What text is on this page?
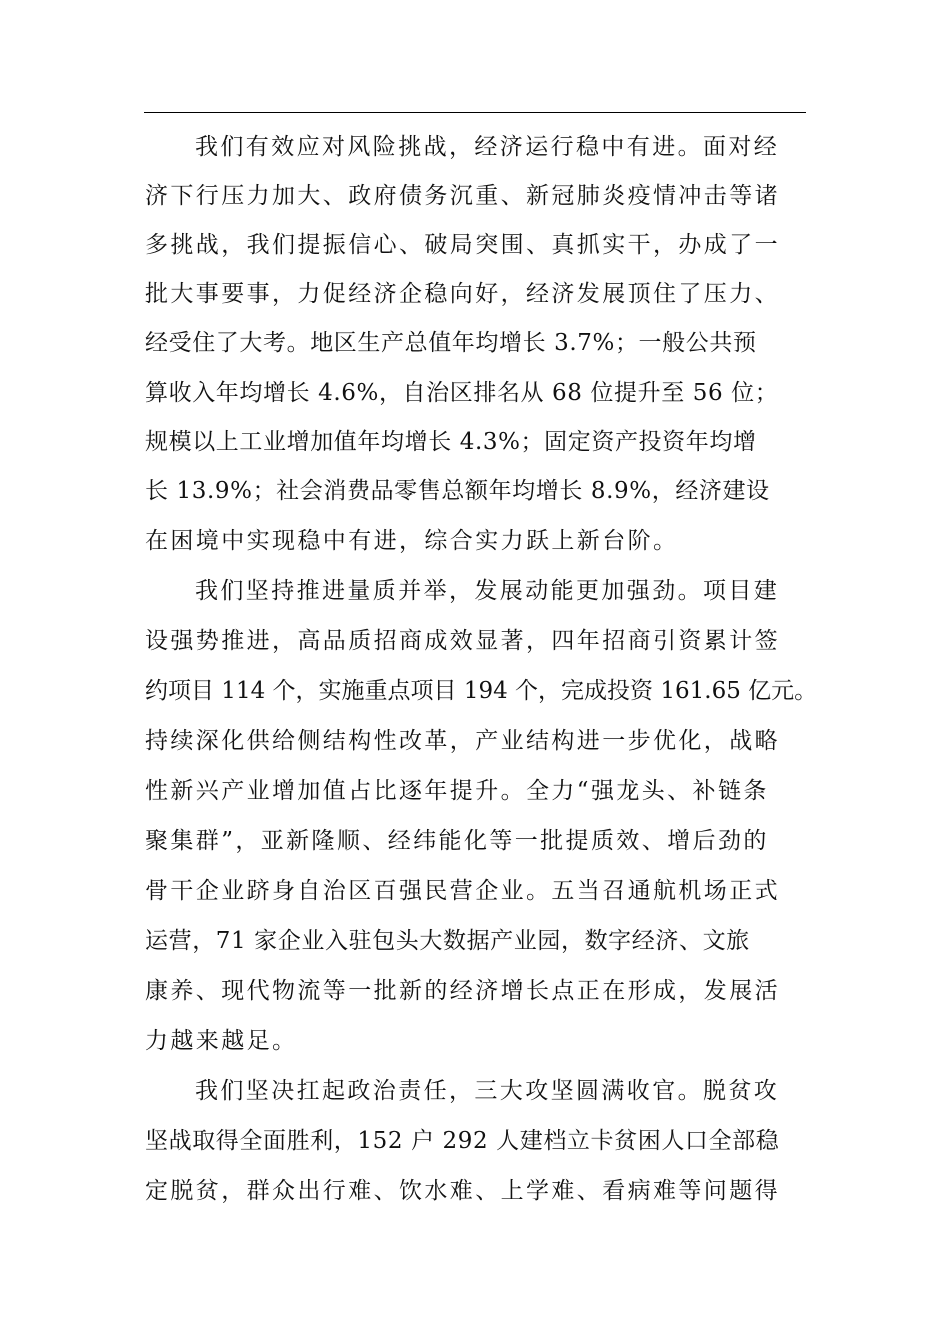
我们有效应对风险挑战，经济运行稳中有进。面对经
济下行压力加大、政府债务沉重、新冠肺炎疫情冲击等诸
多挑战，我们提振信心、破局突围、真抓实干，办成了一
批大事要事，力促经济企稳向好，经济发展顶住了压力、
经受住了大考。地区生产总值年均增长 3.7%；一般公共预
算收入年均增长 4.6%，自治区排名从 68 位提升至 56 位；
规模以上工业增加值年均增长 4.3%；固定资产投资年均增
长 13.9%；社会消费品零售总额年均增长 8.9%，经济建设
在困境中实现稳中有进，综合实力跃上新台阶。
我们坚持推进量质并举，发展动能更加强劲。项目建
设强势推进，高品质招商成效显著，四年招商引资累计签
约项目 114 个，实施重点项目 194 个，完成投资 161.65 亿元。
持续深化供给侧结构性改革，产业结构进一步优化，战略
性新兴产业增加值占比逐年提升。全力“强龙头、补链条
聚集群”，亚新隆顺、经纬能化等一批提质效、增后劲的
骨干企业跻身自治区百强民营企业。五当召通航机场正式
运营，71 家企业入驻包头大数据产业园，数字经济、文旅
康养、现代物流等一批新的经济增长点正在形成，发展活
力越来越足。
我们坚决扛起政治责任，三大攻坚圆满收官。脱贫攻
坚战取得全面胜利，152 户 292 人建档立卡贫困人口全部稳
定脱贫，群众出行难、饮水难、上学难、看病难等问题得
